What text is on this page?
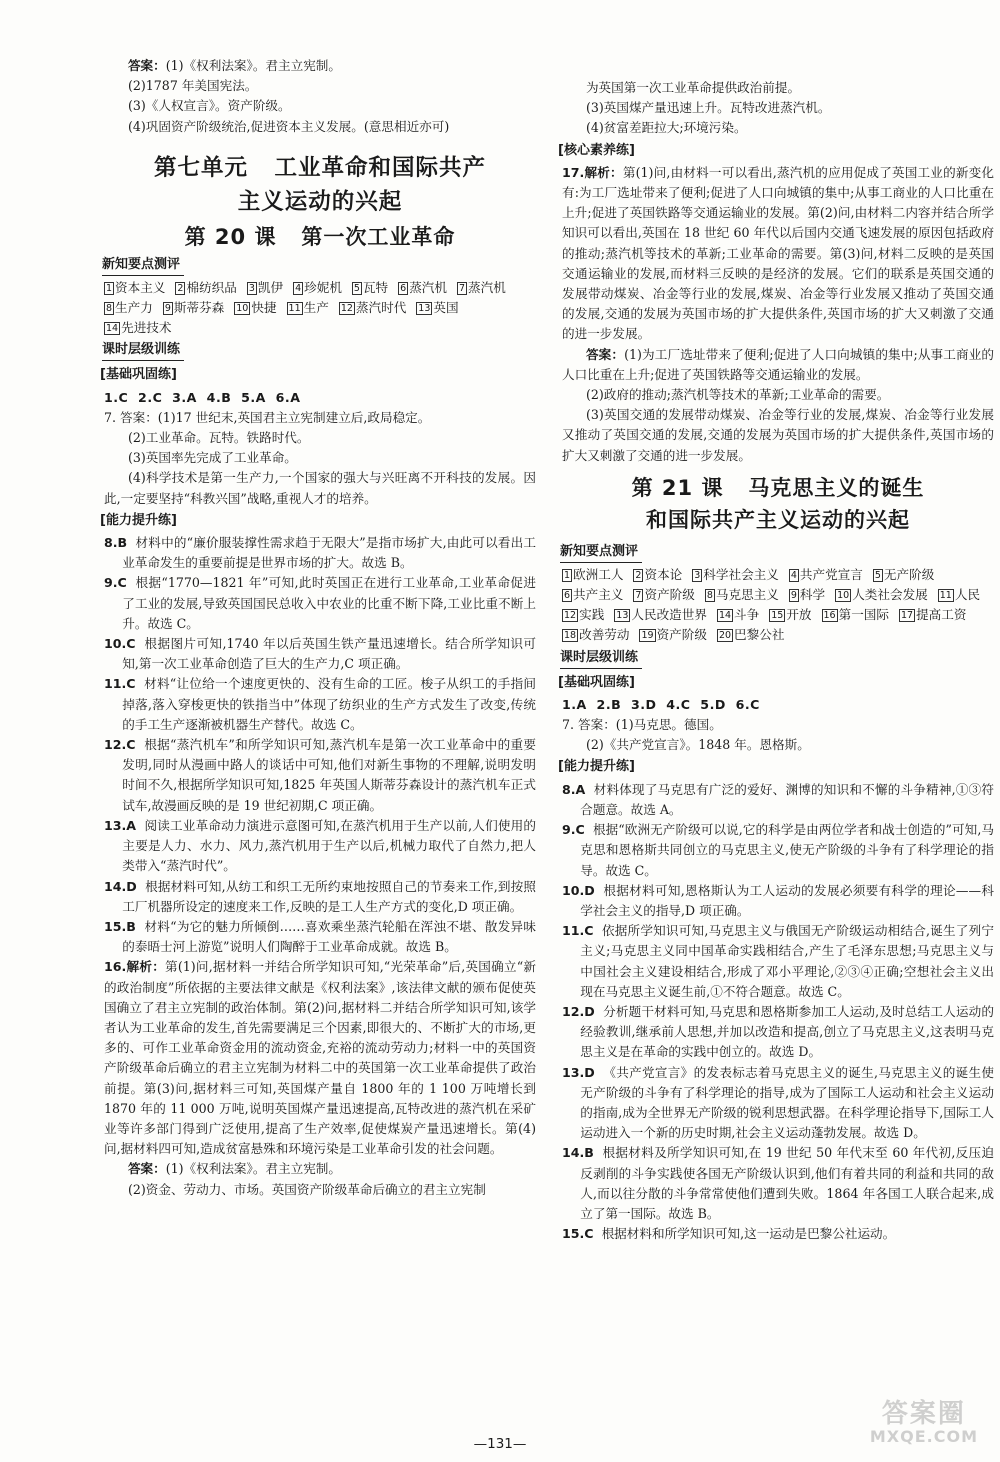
答案：(1)《权利法案》。君主立宪制。

(2)1787 年美国宪法。

(3)《人权宣言》。资产阶级。

(4)巩固资产阶级统治,促进资本主义发展。(意思相近亦可)

第七单元   工业革命和国际共产
主义运动的兴起
第 20 课   第一次工业革命
新知要点测评
1 资本主义 2 棉纺织品 3 凯伊 4 珍妮机 5 瓦特 6 蒸汽机 7 蒸汽机
8 生产力 9 斯蒂芬森 10 快捷 11 生产 12 蒸汽时代 13 英国
14 先进技术
课时层级训练
[ 基础巩固练 ]

1.C  2.C  3.A  4.B  5.A  6.A

7. 答案：(1)17 世纪末,英国君主立宪制建立后,政局稳定。

(2)工业革命。瓦特。铁路时代。

(3)英国率先完成了工业革命。

(4)科学技术是第一生产力,一个国家的强大与兴旺离不开科技的发展。因此,一定要坚持“科教兴国”战略,重视人才的培养。

[ 能力提升练 ]

8.B 材料中的“廉价服装撑性需求趋于无限大”是指市场扩大,由此可以看出工业革命发生的重要前提是世界市场的扩大。故选 B。

9.C 根据“1770—1821 年”可知,此时英国正在进行工业革命,工业革命促进了工业的发展,导致英国国民总收入中农业的比重不断下降,工业比重不断上升。故选 C。

10.C 根据图片可知,1740 年以后英国生铁产量迅速增长。结合所学知识可知,第一次工业革命创造了巨大的生产力,C 项正确。

11.C 材料“让位给一个速度更快的、没有生命的工匠。梭子从织工的手指间掉落,落入穿梭更快的铁指当中”体现了纺织业的生产方式发生了改变,传统的手工生产逐渐被机器生产替代。故选 C。

12.C 根据“蒸汽机车”和所学知识可知,蒸汽机车是第一次工业革命中的重要发明,同时从漫画中路人的谈话中可知,他们对新生事物的不理解,说明发明时间不久,根据所学知识可知,1825 年英国人斯蒂芬森设计的蒸汽机车正式试车,故漫画反映的是 19 世纪初期,C 项正确。

13.A 阅读工业革命动力演进示意图可知,在蒸汽机用于生产以前,人们使用的主要是人力、水力、风力,蒸汽机用于生产以后,机械力取代了自然力,把人类带入“蒸汽时代”。

14.D 根据材料可知,从纺工和织工无所约束地按照自己的节奏来工作,到按照工厂机器所设定的速度来工作,反映的是工人生产方式的变化,D 项正确。

15.B 材料“为它的魅力所倾倒……喜欢乘坐蒸汽轮船在浑浊不堪、散发异味的泰晤士河上游览”说明人们陶醉于工业革命成就。故选 B。

16.解析：第(1)问,据材料一并结合所学知识可知,“光荣革命”后,英国确立“新的政治制度”所依据的主要法律文献是《权利法案》,该法律文献的颁布促使英国确立了君主立宪制的政治体制。第(2)问,据材料二并结合所学知识可知,该学者认为工业革命的发生,首先需要满足三个因素,即很大的、不断扩大的市场,更多的、可作工业革命资金用的流动资金,充裕的流动劳动力;材料一中的英国资产阶级革命后确立的君主立宪制为材料二中的英国第一次工业革命提供了政治前提。第(3)问,据材料三可知,英国煤产量自 1800 年的 1 100 万吨增长到 1870 年的 11 000 万吨,说明英国煤产量迅速提高,瓦特改进的蒸汽机在采矿业等许多部门得到广泛使用,提高了生产效率,促使煤炭产量迅速增长。第(4)问,据材料四可知,造成贫富悬殊和环境污染是工业革命引发的社会问题。

答案：(1)《权利法案》。君主立宪制。

(2)资金、劳动力、市场。英国资产阶级革命后确立的君主立宪制

为英国第一次工业革命提供政治前提。

(3)英国煤产量迅速上升。瓦特改进蒸汽机。

(4)贫富差距拉大;环境污染。

[ 核心素养练 ]

17.解析：第(1)问,由材料一可以看出,蒸汽机的应用促成了英国工业的新变化有:为工厂选址带来了便利;促进了人口向城镇的集中;从事工商业的人口比重在上升;促进了英国铁路等交通运输业的发展。第(2)问,由材料二内容并结合所学知识可以看出,英国在 18 世纪 60 年代以后国内交通飞速发展的原因包括政府的推动;蒸汽机等技术的革新;工业革命的需要。第(3)问,材料二反映的是英国交通运输业的发展,而材料三反映的是经济的发展。它们的联系是英国交通的发展带动煤炭、冶金等行业的发展,煤炭、冶金等行业发展又推动了英国交通的发展,交通的发展为英国市场的扩大提供条件,英国市场的扩大又刺激了交通的进一步发展。

答案：(1)为工厂选址带来了便利;促进了人口向城镇的集中;从事工商业的人口比重在上升;促进了英国铁路等交通运输业的发展。

(2)政府的推动;蒸汽机等技术的革新;工业革命的需要。

(3)英国交通的发展带动煤炭、冶金等行业的发展,煤炭、冶金等行业发展又推动了英国交通的发展,交通的发展为英国市场的扩大提供条件,英国市场的扩大又刺激了交通的进一步发展。

第 21 课   马克思主义的诞生
和国际共产主义运动的兴起
新知要点测评
1 欧洲工人 2 资本论 3 科学社会主义 4 共产党宣言 5 无产阶级
6 共产主义 7 资产阶级 8 马克思主义 9 科学 10 人类社会发展 11 人民
12 实践 13 人民改造世界 14 斗争 15 开放 16 第一国际 17 提高工资
18 改善劳动 19 资产阶级 20 巴黎公社
课时层级训练
[ 基础巩固练 ]

1.A  2.B  3.D  4.C  5.D  6.C

7. 答案：(1)马克思。德国。

(2)《共产党宣言》。1848 年。恩格斯。

[ 能力提升练 ]

8.A 材料体现了马克思有广泛的爱好、渊博的知识和不懈的斗争精神,①③符合题意。故选 A。

9.C 根据“欧洲无产阶级可以说,它的科学是由两位学者和战士创造的”可知,马克思和恩格斯共同创立的马克思主义,使无产阶级的斗争有了科学理论的指导。故选 C。

10.D 根据材料可知,恩格斯认为工人运动的发展必须要有科学的理论——科学社会主义的指导,D 项正确。

11.C 依据所学知识可知,马克思主义与俄国无产阶级运动相结合,诞生了列宁主义;马克思主义同中国革命实践相结合,产生了毛泽东思想;马克思主义与中国社会主义建设相结合,形成了邓小平理论,②③④正确;空想社会主义出现在马克思主义诞生前,①不符合题意。故选 C。

12.D 分析题干材料可知,马克思和恩格斯参加工人运动,及时总结工人运动的经验教训,继承前人思想,并加以改造和提高,创立了马克思主义,这表明马克思主义是在革命的实践中创立的。故选 D。

13.D 《共产党宣言》的发表标志着马克思主义的诞生,马克思主义的诞生使无产阶级的斗争有了科学理论的指导,成为了国际工人运动和社会主义运动的指南,成为全世界无产阶级的锐利思想武器。在科学理论指导下,国际工人运动进入一个新的历史时期,社会主义运动蓬勃发展。故选 D。

14.B 根据材料及所学知识可知,在 19 世纪 50 年代末至 60 年代初,反压迫反剥削的斗争实践使各国无产阶级认识到,他们有着共同的利益和共同的敌人,而以往分散的斗争常常使他们遭到失败。1864 年各国工人联合起来,成立了第一国际。故选 B。

15.C 根据材料和所学知识可知,这一运动是巴黎公社运动。

—131—
答案圈
MXQE.COM
